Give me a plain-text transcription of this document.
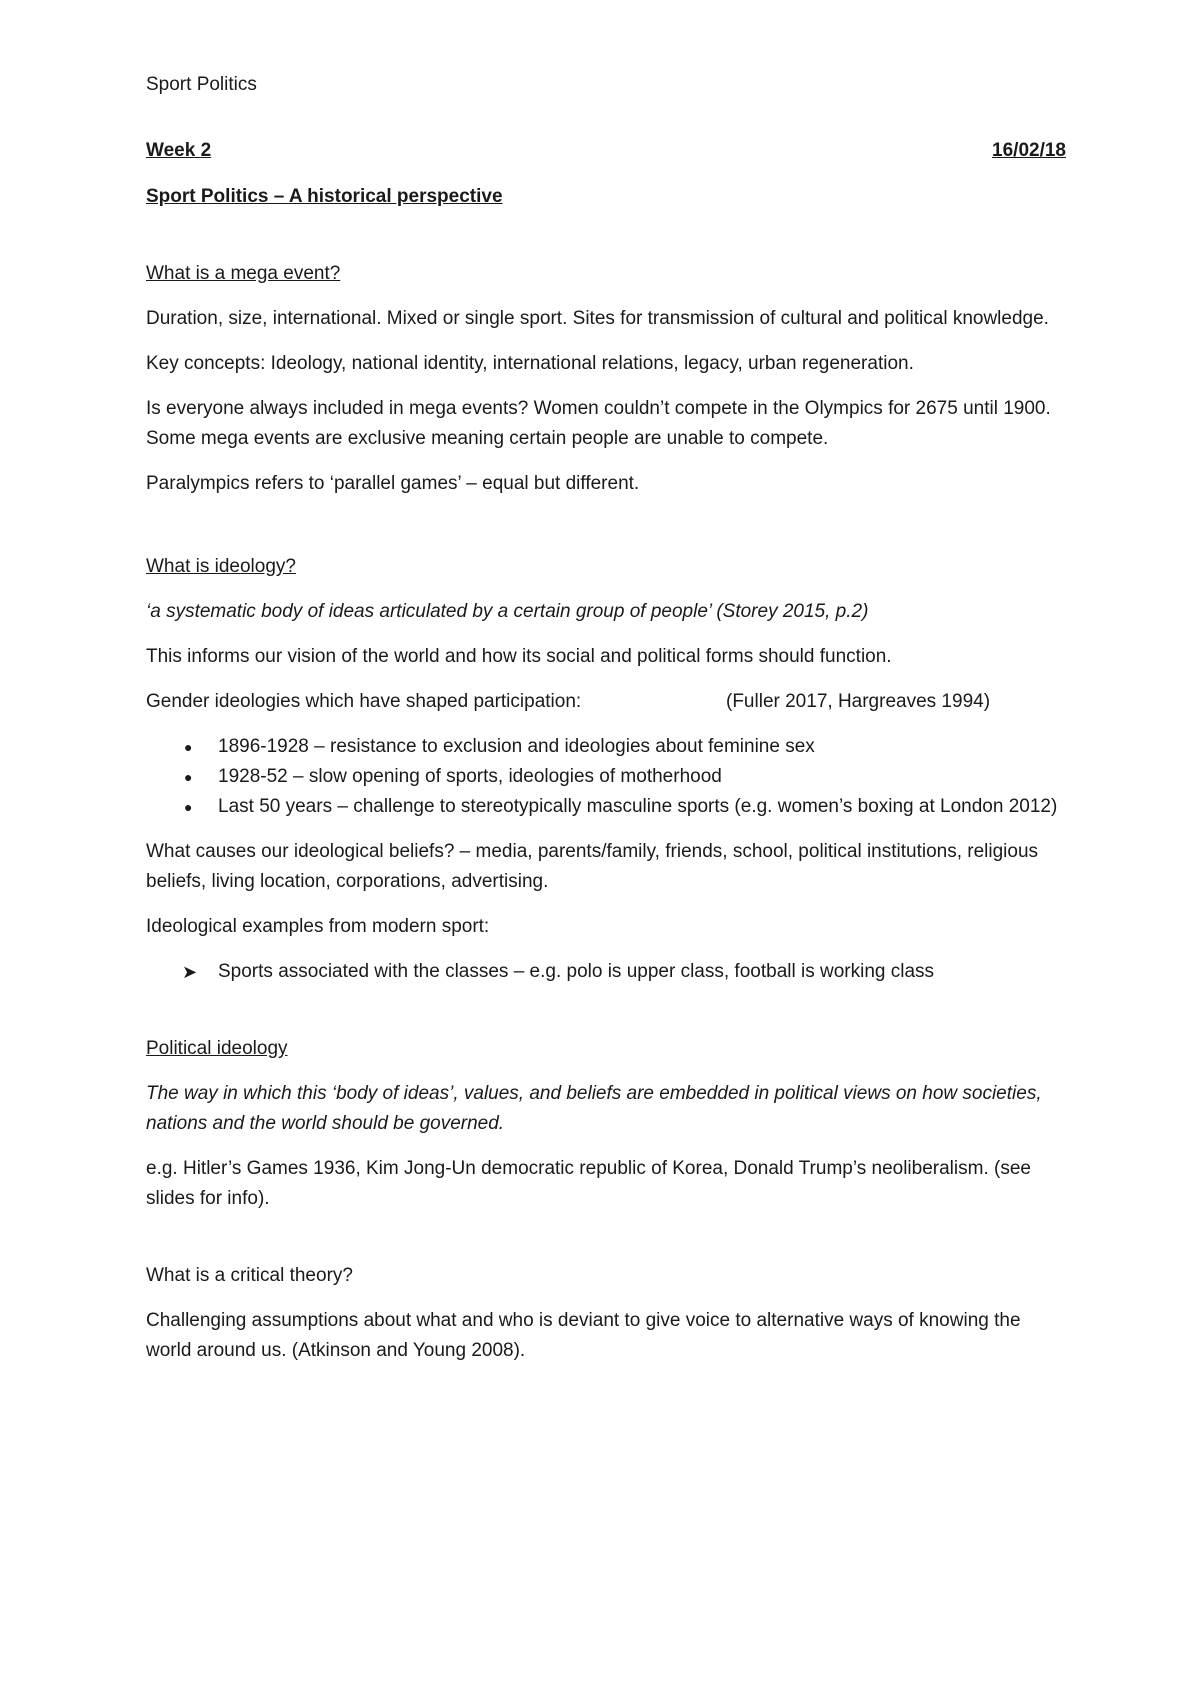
Sport Politics
Week 2	16/02/18

Sport Politics – A historical perspective

What is a mega event?

Duration, size, international. Mixed or single sport. Sites for transmission of cultural and political knowledge.

Key concepts: Ideology, national identity, international relations, legacy, urban regeneration.

Is everyone always included in mega events? Women couldn’t compete in the Olympics for 2675 until 1900. Some mega events are exclusive meaning certain people are unable to compete.

Paralympics refers to ‘parallel games’ – equal but different.

What is ideology?

‘a systematic body of ideas articulated by a certain group of people’ (Storey 2015, p.2)

This informs our vision of the world and how its social and political forms should function.

Gender ideologies which have shaped participation:	(Fuller 2017, Hargreaves 1994)
● 1896-1928 – resistance to exclusion and ideologies about feminine sex
● 1928-52 – slow opening of sports, ideologies of motherhood
● Last 50 years – challenge to stereotypically masculine sports (e.g. women’s boxing at London 2012)

What causes our ideological beliefs? – media, parents/family, friends, school, political institutions, religious beliefs, living location, corporations, advertising.

Ideological examples from modern sport:

➤ Sports associated with the classes – e.g. polo is upper class, football is working class

Political ideology

The way in which this ‘body of ideas’, values, and beliefs are embedded in political views on how societies, nations and the world should be governed.

e.g. Hitler’s Games 1936, Kim Jong-Un democratic republic of Korea, Donald Trump’s neoliberalism. (see slides for info).

What is a critical theory?

Challenging assumptions about what and who is deviant to give voice to alternative ways of knowing the world around us. (Atkinson and Young 2008).
